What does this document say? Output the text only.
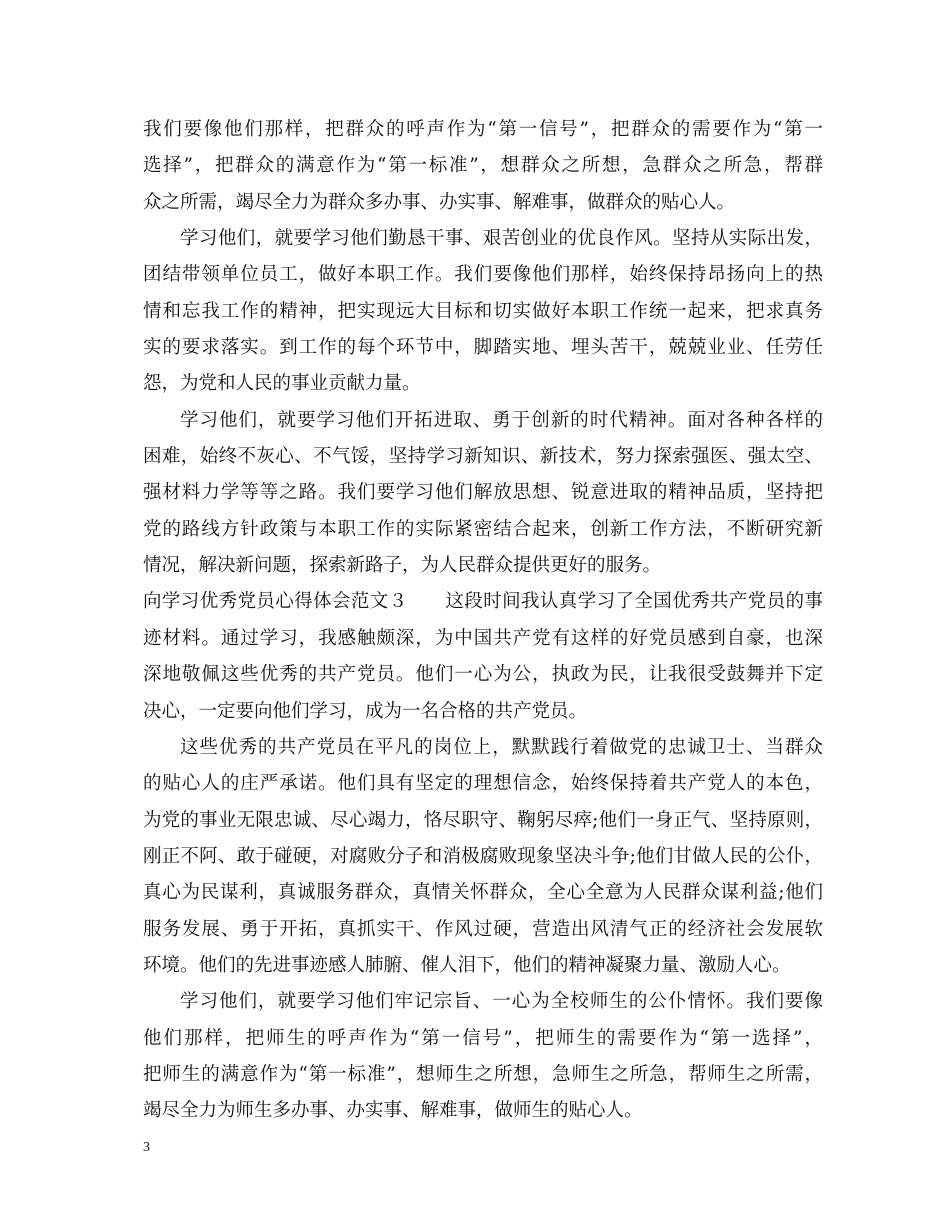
我们要像他们那样，把群众的呼声作为“第一信号”，把群众的需要作为“第一
选择”，把群众的满意作为“第一标准”，想群众之所想，急群众之所急，帮群
众之所需，竭尽全力为群众多办事、办实事、解难事，做群众的贴心人。
学习他们，就要学习他们勤恳干事、艰苦创业的优良作风。坚持从实际出发，
团结带领单位员工，做好本职工作。我们要像他们那样，始终保持昂扬向上的热
情和忘我工作的精神，把实现远大目标和切实做好本职工作统一起来，把求真务
实的要求落实。到工作的每个环节中，脚踏实地、埋头苦干，兢兢业业、任劳任
怨，为党和人民的事业贡献力量。
学习他们，就要学习他们开拓进取、勇于创新的时代精神。面对各种各样的
困难，始终不灰心、不气馁，坚持学习新知识、新技术，努力探索强医、强太空、
强材料力学等等之路。我们要学习他们解放思想、锐意进取的精神品质，坚持把
党的路线方针政策与本职工作的实际紧密结合起来，创新工作方法，不断研究新
情况，解决新问题，探索新路子，为人民群众提供更好的服务。
向学习优秀党员心得体会范文３　　这段时间我认真学习了全国优秀共产党员的事
迹材料。通过学习，我感触颇深，为中国共产党有这样的好党员感到自豪，也深
深地敬佩这些优秀的共产党员。他们一心为公，执政为民，让我很受鼓舞并下定
决心，一定要向他们学习，成为一名合格的共产党员。
这些优秀的共产党员在平凡的岗位上，默默践行着做党的忠诚卫士、当群众
的贴心人的庄严承诺。他们具有坚定的理想信念，始终保持着共产党人的本色，
为党的事业无限忠诚、尽心竭力，恪尽职守、鞠躬尽瘁;他们一身正气、坚持原则，
刚正不阿、敢于碰硬，对腐败分子和消极腐败现象坚决斗争;他们甘做人民的公仆，
真心为民谋利，真诚服务群众，真情关怀群众，全心全意为人民群众谋利益;他们
服务发展、勇于开拓，真抓实干、作风过硬，营造出风清气正的经济社会发展软
环境。他们的先进事迹感人肺腑、催人泪下，他们的精神凝聚力量、激励人心。
学习他们，就要学习他们牢记宗旨、一心为全校师生的公仆情怀。我们要像
他们那样，把师生的呼声作为“第一信号”，把师生的需要作为“第一选择”，
把师生的满意作为“第一标准”，想师生之所想，急师生之所急，帮师生之所需，
竭尽全力为师生多办事、办实事、解难事，做师生的贴心人。
3
